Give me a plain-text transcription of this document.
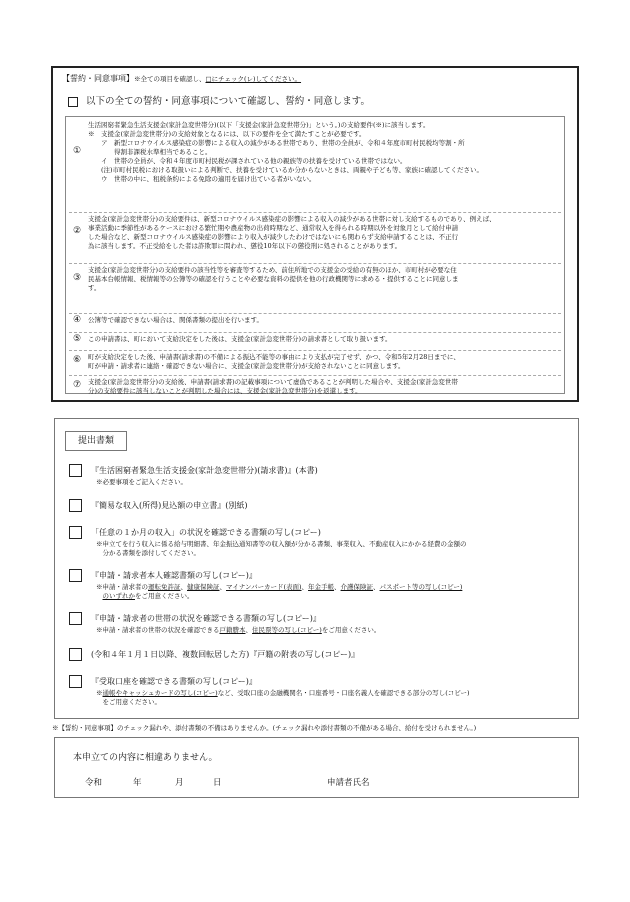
【誓約・同意事項】※全ての項目を確認し、□にチェック(レ)してください。
以下の全ての誓約・同意事項について確認し、誓約・同意します。
①
生活困窮者緊急生活支援金(家計急変世帯分)(以下「支援金(家計急変世帯分)」という。)の支給要件(※)に該当します。
※　支援金(家計急変世帯分)の支給対象となるには、以下の要件を全て満たすことが必要です。
　　ア　新型コロナウイルス感染症の影響による収入の減少がある世帯であり、世帯の全員が、令和４年度市町村民税均等割・所
　　　　得割非課税水準相当であること。
　　イ　世帯の全員が、令和４年度市町村民税が課されている他の親族等の扶養を受けている世帯ではない。
　　(注)市町村民税における取扱いによる判断で、扶養を受けているか分からないときは、両親や子ども等、家族に確認してください。
　　ウ　世帯の中に、租税条約による免除の適用を届け出ている者がいない。
②
支援金(家計急変世帯分)の支給要件は、新型コロナウイルス感染症の影響による収入の減少がある世帯に対し支給するものであり、例えば、
事業活動に季節性があるケースにおける繁忙期や農産物の出荷時期など、通常収入を得られる時期以外を対象月として給付申請
した場合など、新型コロナウイルス感染症の影響により収入が減少したわけではないにも関わらず支給申請することは、不正行
為に該当します。不正受給をした者は詐欺罪に問われ、懲役10年以下の懲役刑に処されることがあります。
③
支援金(家計急変世帯分)の支給要件の該当性等を審査等するため、前住所地での支援金の受給の有無のほか、市町村が必要な住
民基本台帳情報、税情報等の公簿等の確認を行うことや必要な資料の提供を他の行政機関等に求める・提供することに同意しま
す。
④	公簿等で確認できない場合は、関係書類の提出を行います。
⑤	この申請書は、町において支給決定をした後は、支援金(家計急変世帯分)の請求書として取り扱います。
⑥	町が支給決定をした後、申請書(請求書)の不備による振込不能等の事由により支払が完了せず、かつ、令和5年2月28日までに、
町が申請・請求者に連絡・確認できない場合に、支援金(家計急変世帯分)が支給されないことに同意します。
⑦	支援金(家計急変世帯分)の支給後、申請書(請求書)の記載事項について虚偽であることが判明した場合や、支援金(家計急変世帯
分)の支給要件に該当しないことが判明した場合には、支援金(家計急変世帯分)を返還します。
提出書類
『生活困窮者緊急生活支援金(家計急変世帯分)(請求書)』(本書)
※必要事項をご記入ください。
『簡易な収入(所得)見込額の申立書』(別紙)
「任意の１か月の収入」の状況を確認できる書類の写し(コピー)
※申立てを行う収入に係る給与明細書、年金振込通知書等の収入額が分かる書類、事業収入、不動産収入にかかる経費の金額の
　分かる書類を添付してください。
『申請・請求者本人確認書類の写し(コピー)』
※申請・請求者の運転免許証、健康保険証、マイナンバーカード(表面)、年金手帳、介護保険証、パスポート等の写し(コピー)
　のいずれかをご用意ください。
『申請・請求者の世帯の状況を確認できる書類の写し(コピー)』
※申請・請求者の世帯の状況を確認できる戸籍謄本、住民票等の写し(コピー)をご用意ください。
(令和４年１月１日以降、複数回転居した方)『戸籍の附表の写し(コピー)』
『受取口座を確認できる書類の写し(コピー)』
※通帳やキャッシュカードの写し(コピー)など、受取口座の金融機関名・口座番号・口座名義人を確認できる部分の写し(コピー)
　をご用意ください。
※【誓約・同意事項】のチェック漏れや、添付書類の不備はありませんか。(チェック漏れや添付書類の不備がある場合、給付を受けられません。)
本申立ての内容に相違ありません。
令和	年	月	日	申請者氏名
